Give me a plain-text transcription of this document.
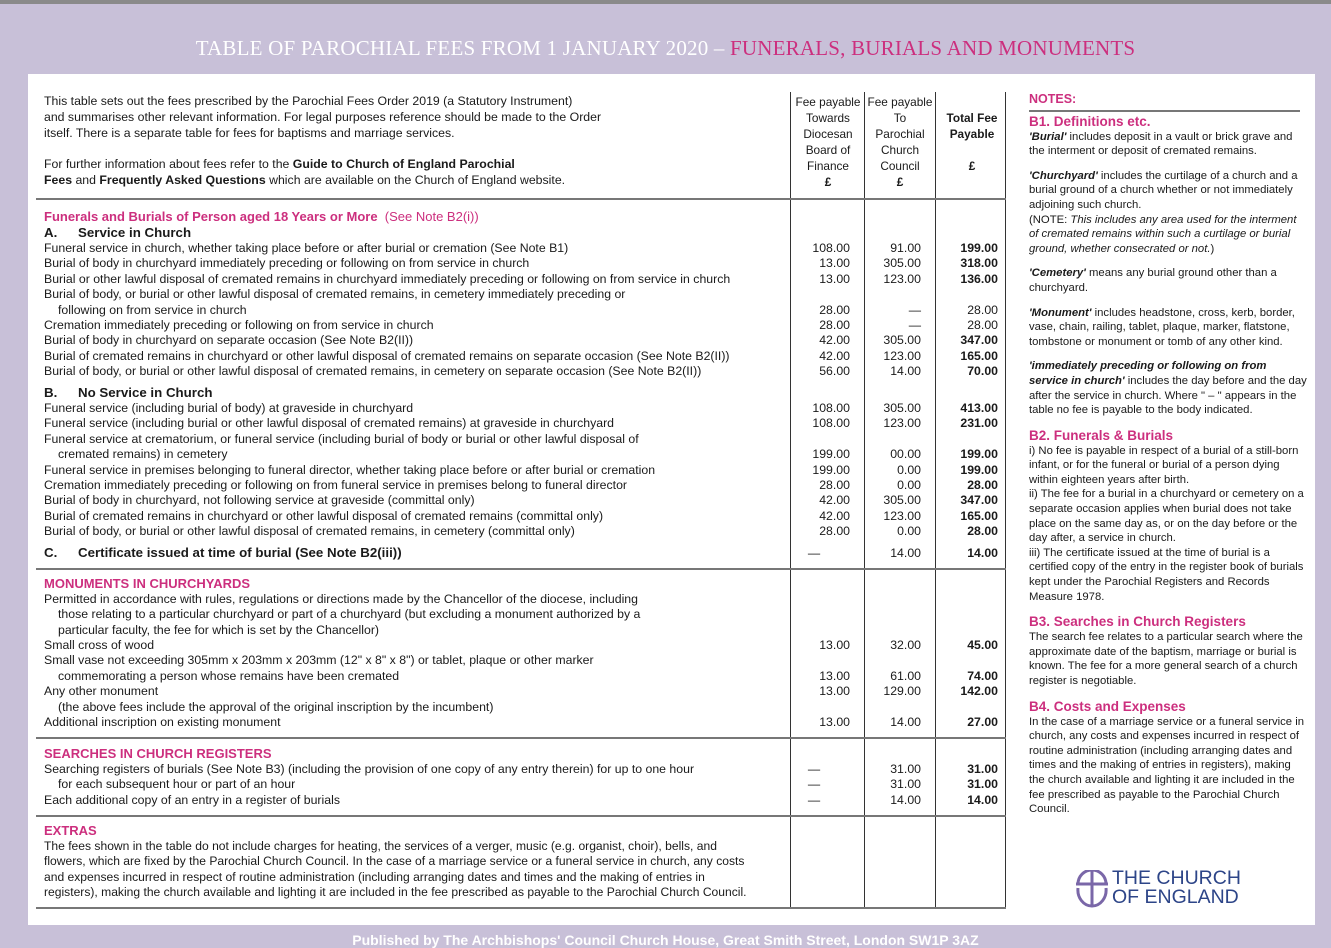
TABLE OF PAROCHIAL FEES FROM 1 JANUARY 2020 – FUNERALS, BURIALS AND MONUMENTS
This table sets out the fees prescribed by the Parochial Fees Order 2019 (a Statutory Instrument)
and summarises other relevant information. For legal purposes reference should be made to the Order
itself. There is a separate table for fees for baptisms and marriage services.
For further information about fees refer to the Guide to Church of England Parochial
Fees and Frequently Asked Questions which are available on the Church of England website.
Fee payable
Towards
Diocesan
Board of
Finance
£
Fee payable
To
Parochial
Church
Council
£
Total Fee
Payable
£
Funerals and Burials of Person aged 18 Years or More (See Note B2(i))
A. Service in Church
Funeral service in church, whether taking place before or after burial or cremation (See Note B1)	108.00	91.00	199.00
Burial of body in churchyard immediately preceding or following on from service in church	13.00	305.00	318.00
Burial or other lawful disposal of cremated remains in churchyard immediately preceding or following on from service in church	13.00	123.00	136.00
Burial of body, or burial or other lawful disposal of cremated remains, in cemetery immediately preceding or
following on from service in church	28.00	—	28.00
Cremation immediately preceding or following on from service in church	28.00	—	28.00
Burial of body in churchyard on separate occasion (See Note B2(II))	42.00	305.00	347.00
Burial of cremated remains in churchyard or other lawful disposal of cremated remains on separate occasion (See Note B2(II))	42.00	123.00	165.00
Burial of body, or burial or other lawful disposal of cremated remains, in cemetery on separate occasion (See Note B2(II))	56.00	14.00	70.00
B. No Service in Church
Funeral service (including burial of body) at graveside in churchyard	108.00	305.00	413.00
Funeral service (including burial or other lawful disposal of cremated remains) at graveside in churchyard	108.00	123.00	231.00
Funeral service at crematorium, or funeral service (including burial of body or burial or other lawful disposal of
cremated remains) in cemetery	199.00	00.00	199.00
Funeral service in premises belonging to funeral director, whether taking place before or after burial or cremation	199.00	0.00	199.00
Cremation immediately preceding or following on from funeral service in premises belong to funeral director	28.00	0.00	28.00
Burial of body in churchyard, not following service at graveside (committal only)	42.00	305.00	347.00
Burial of cremated remains in churchyard or other lawful disposal of cremated remains (committal only)	42.00	123.00	165.00
Burial of body, or burial or other lawful disposal of cremated remains, in cemetery (committal only)	28.00	0.00	28.00
C. Certificate issued at time of burial (See Note B2(iii))	—	14.00	14.00
MONUMENTS IN CHURCHYARDS
Permitted in accordance with rules, regulations or directions made by the Chancellor of the diocese, including
those relating to a particular churchyard or part of a churchyard (but excluding a monument authorized by a
particular faculty, the fee for which is set by the Chancellor)
Small cross of wood	13.00	32.00	45.00
Small vase not exceeding 305mm x 203mm x 203mm (12" x 8" x 8") or tablet, plaque or other marker
commemorating a person whose remains have been cremated	13.00	61.00	74.00
Any other monument	13.00	129.00	142.00
Additional inscription on existing monument	13.00	14.00	27.00
(the above fees include the approval of the original inscription by the incumbent)
SEARCHES IN CHURCH REGISTERS
Searching registers of burials (See Note B3) (including the provision of one copy of any entry therein) for up to one hour	—	31.00	31.00
for each subsequent hour or part of an hour	—	31.00	31.00
Each additional copy of an entry in a register of burials	—	14.00	14.00
EXTRAS
The fees shown in the table do not include charges for heating, the services of a verger, music (e.g. organist, choir), bells, and
flowers, which are fixed by the Parochial Church Council. In the case of a marriage service or a funeral service in church, any costs
and expenses incurred in respect of routine administration (including arranging dates and times and the making of entries in
registers), making the church available and lighting it are included in the fee prescribed as payable to the Parochial Church Council.
NOTES:
B1. Definitions etc.

'Burial' includes deposit in a vault or brick grave and the interment or deposit of cremated remains.

'Churchyard' includes the curtilage of a church and a burial ground of a church whether or not immediately adjoining such church.
(NOTE: This includes any area used for the interment of cremated remains within such a curtilage or burial ground, whether consecrated or not.)

'Cemetery' means any burial ground other than a churchyard.

'Monument' includes headstone, cross, kerb, border, vase, chain, railing, tablet, plaque, marker, flatstone, tombstone or monument or tomb of any other kind.

'immediately preceding or following on from service in church' includes the day before and the day after the service in church. Where " – " appears in the table no fee is payable to the body indicated.

B2. Funerals & Burials
i) No fee is payable in respect of a burial of a still-born infant, or for the funeral or burial of a person dying within eighteen years after birth.
ii) The fee for a burial in a churchyard or cemetery on a separate occasion applies when burial does not take place on the same day as, or on the day before or the day after, a service in church.

iii) The certificate issued at the time of burial is a certified copy of the entry in the register book of burials kept under the Parochial Registers and Records Measure 1978.

B3. Searches in Church Registers

The search fee relates to a particular search where the approximate date of the baptism, marriage or burial is known. The fee for a more general search of a church register is negotiable.

B4. Costs and Expenses

In the case of a marriage service or a funeral service in church, any costs and expenses incurred in respect of routine administration (including arranging dates and times and the making of entries in registers), making the church available and lighting it are included in the fee prescribed as payable to the Parochial Church Council.

THE CHURCH
OF ENGLAND
Published by The Archbishops' Council Church House, Great Smith Street, London SW1P 3AZ
